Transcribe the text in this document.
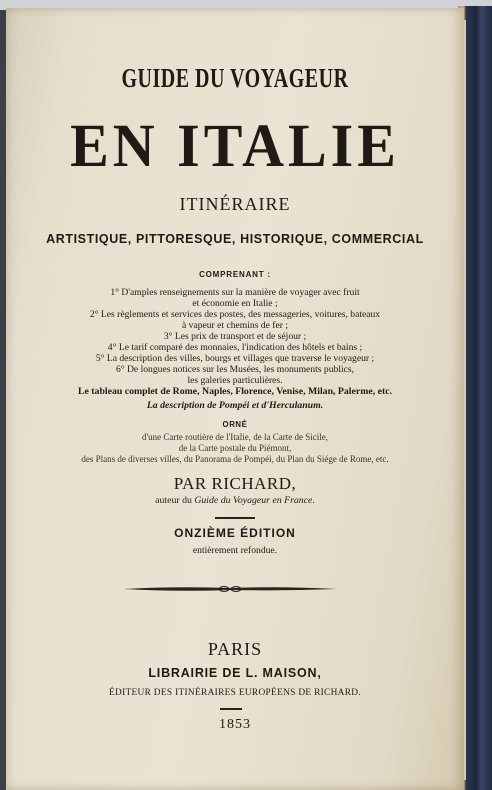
GUIDE DU VOYAGEUR
EN ITALIE
ITINÉRAIRE
ARTISTIQUE, PITTORESQUE, HISTORIQUE, COMMERCIAL
COMPRENANT :
1° D'amples renseignements sur la manière de voyager avec fruit
et économie en Italie ;
2° Les règlements et services des postes, des messageries, voitures, bateaux
à vapeur et chemins de fer ;
3° Les prix de transport et de séjour ;
4° Le tarif comparé des monnaies, l'indication des hôtels et bains ;
5° La description des villes, bourgs et villages que traverse le voyageur ;
6° De longues notices sur les Musées, les monuments publics,
les galeries particulières.
Le tableau complet de Rome, Naples, Florence, Venise, Milan, Palerme, etc.
La description de Pompéi et d'Herculanum.
ORNÉ
d'une Carte routière de l'Italie, de la Carte de Sicile,
de la Carte postale du Piémont,
des Plans de diverses villes, du Panorama de Pompéi, du Plan du Siége de Rome, etc.
PAR RICHARD,
auteur du Guide du Voyageur en France.
ONZIÈME ÉDITION
entièrement refondue.
PARIS
LIBRAIRIE DE L. MAISON,
ÉDITEUR DES ITINÉRAIRES EUROPÉENS DE RICHARD.
1853
